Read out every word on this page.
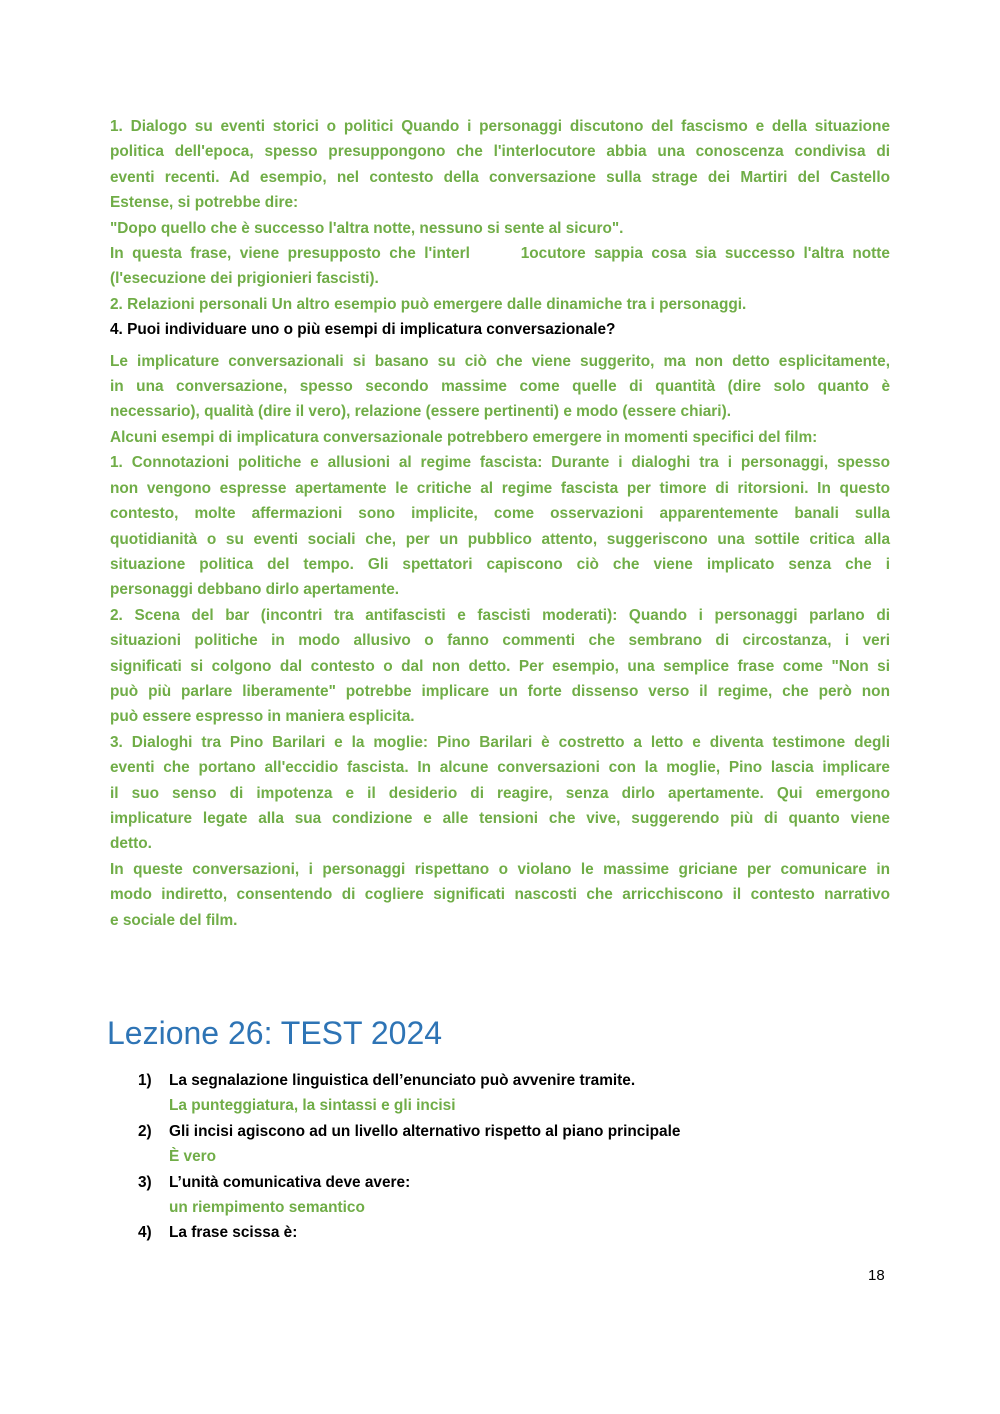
1. Dialogo su eventi storici o politici Quando i personaggi discutono del fascismo e della situazione

politica dell'epoca, spesso presuppongono che l'interlocutore abbia una conoscenza condivisa di

eventi recenti. Ad esempio, nel contesto della conversazione sulla strage dei Martiri del Castello

Estense, si potrebbe dire:

"Dopo quello che è successo l'altra notte, nessuno si sente al sicuro".

In questa frase, viene presupposto che l'interl      1ocutore sappia cosa sia successo l'altra notte

(l'esecuzione dei prigionieri fascisti).

2. Relazioni personali Un altro esempio può emergere dalle dinamiche tra i personaggi.

4. Puoi individuare uno o più esempi di implicatura conversazionale?

Le implicature conversazionali si basano su ciò che viene suggerito, ma non detto esplicitamente,

in una conversazione, spesso secondo massime come quelle di quantità (dire solo quanto è

necessario), qualità (dire il vero), relazione (essere pertinenti) e modo (essere chiari).

Alcuni esempi di implicatura conversazionale potrebbero emergere in momenti specifici del film:

1. Connotazioni politiche e allusioni al regime fascista: Durante i dialoghi tra i personaggi, spesso

non vengono espresse apertamente le critiche al regime fascista per timore di ritorsioni. In questo

contesto, molte affermazioni sono implicite, come osservazioni apparentemente banali sulla

quotidianità o su eventi sociali che, per un pubblico attento, suggeriscono una sottile critica alla

situazione politica del tempo. Gli spettatori capiscono ciò che viene implicato senza che i

personaggi debbano dirlo apertamente.

2. Scena del bar (incontri tra antifascisti e fascisti moderati): Quando i personaggi parlano di

situazioni politiche in modo allusivo o fanno commenti che sembrano di circostanza, i veri

significati si colgono dal contesto o dal non detto. Per esempio, una semplice frase come "Non si

può più parlare liberamente" potrebbe implicare un forte dissenso verso il regime, che però non

può essere espresso in maniera esplicita.

3. Dialoghi tra Pino Barilari e la moglie: Pino Barilari è costretto a letto e diventa testimone degli

eventi che portano all'eccidio fascista. In alcune conversazioni con la moglie, Pino lascia implicare

il suo senso di impotenza e il desiderio di reagire, senza dirlo apertamente. Qui emergono

implicature legate alla sua condizione e alle tensioni che vive, suggerendo più di quanto viene

detto.

In queste conversazioni, i personaggi rispettano o violano le massime griciane per comunicare in

modo indiretto, consentendo di cogliere significati nascosti che arricchiscono il contesto narrativo

e sociale del film.

Lezione 26: TEST 2024
1)	La segnalazione linguistica dell’enunciato può avvenire tramite.
La punteggiatura, la sintassi e gli incisi
2)	Gli incisi agiscono ad un livello alternativo rispetto al piano principale
È vero
3)	L’unità comunicativa deve avere:
un riempimento semantico
4)	La frase scissa è:
18
